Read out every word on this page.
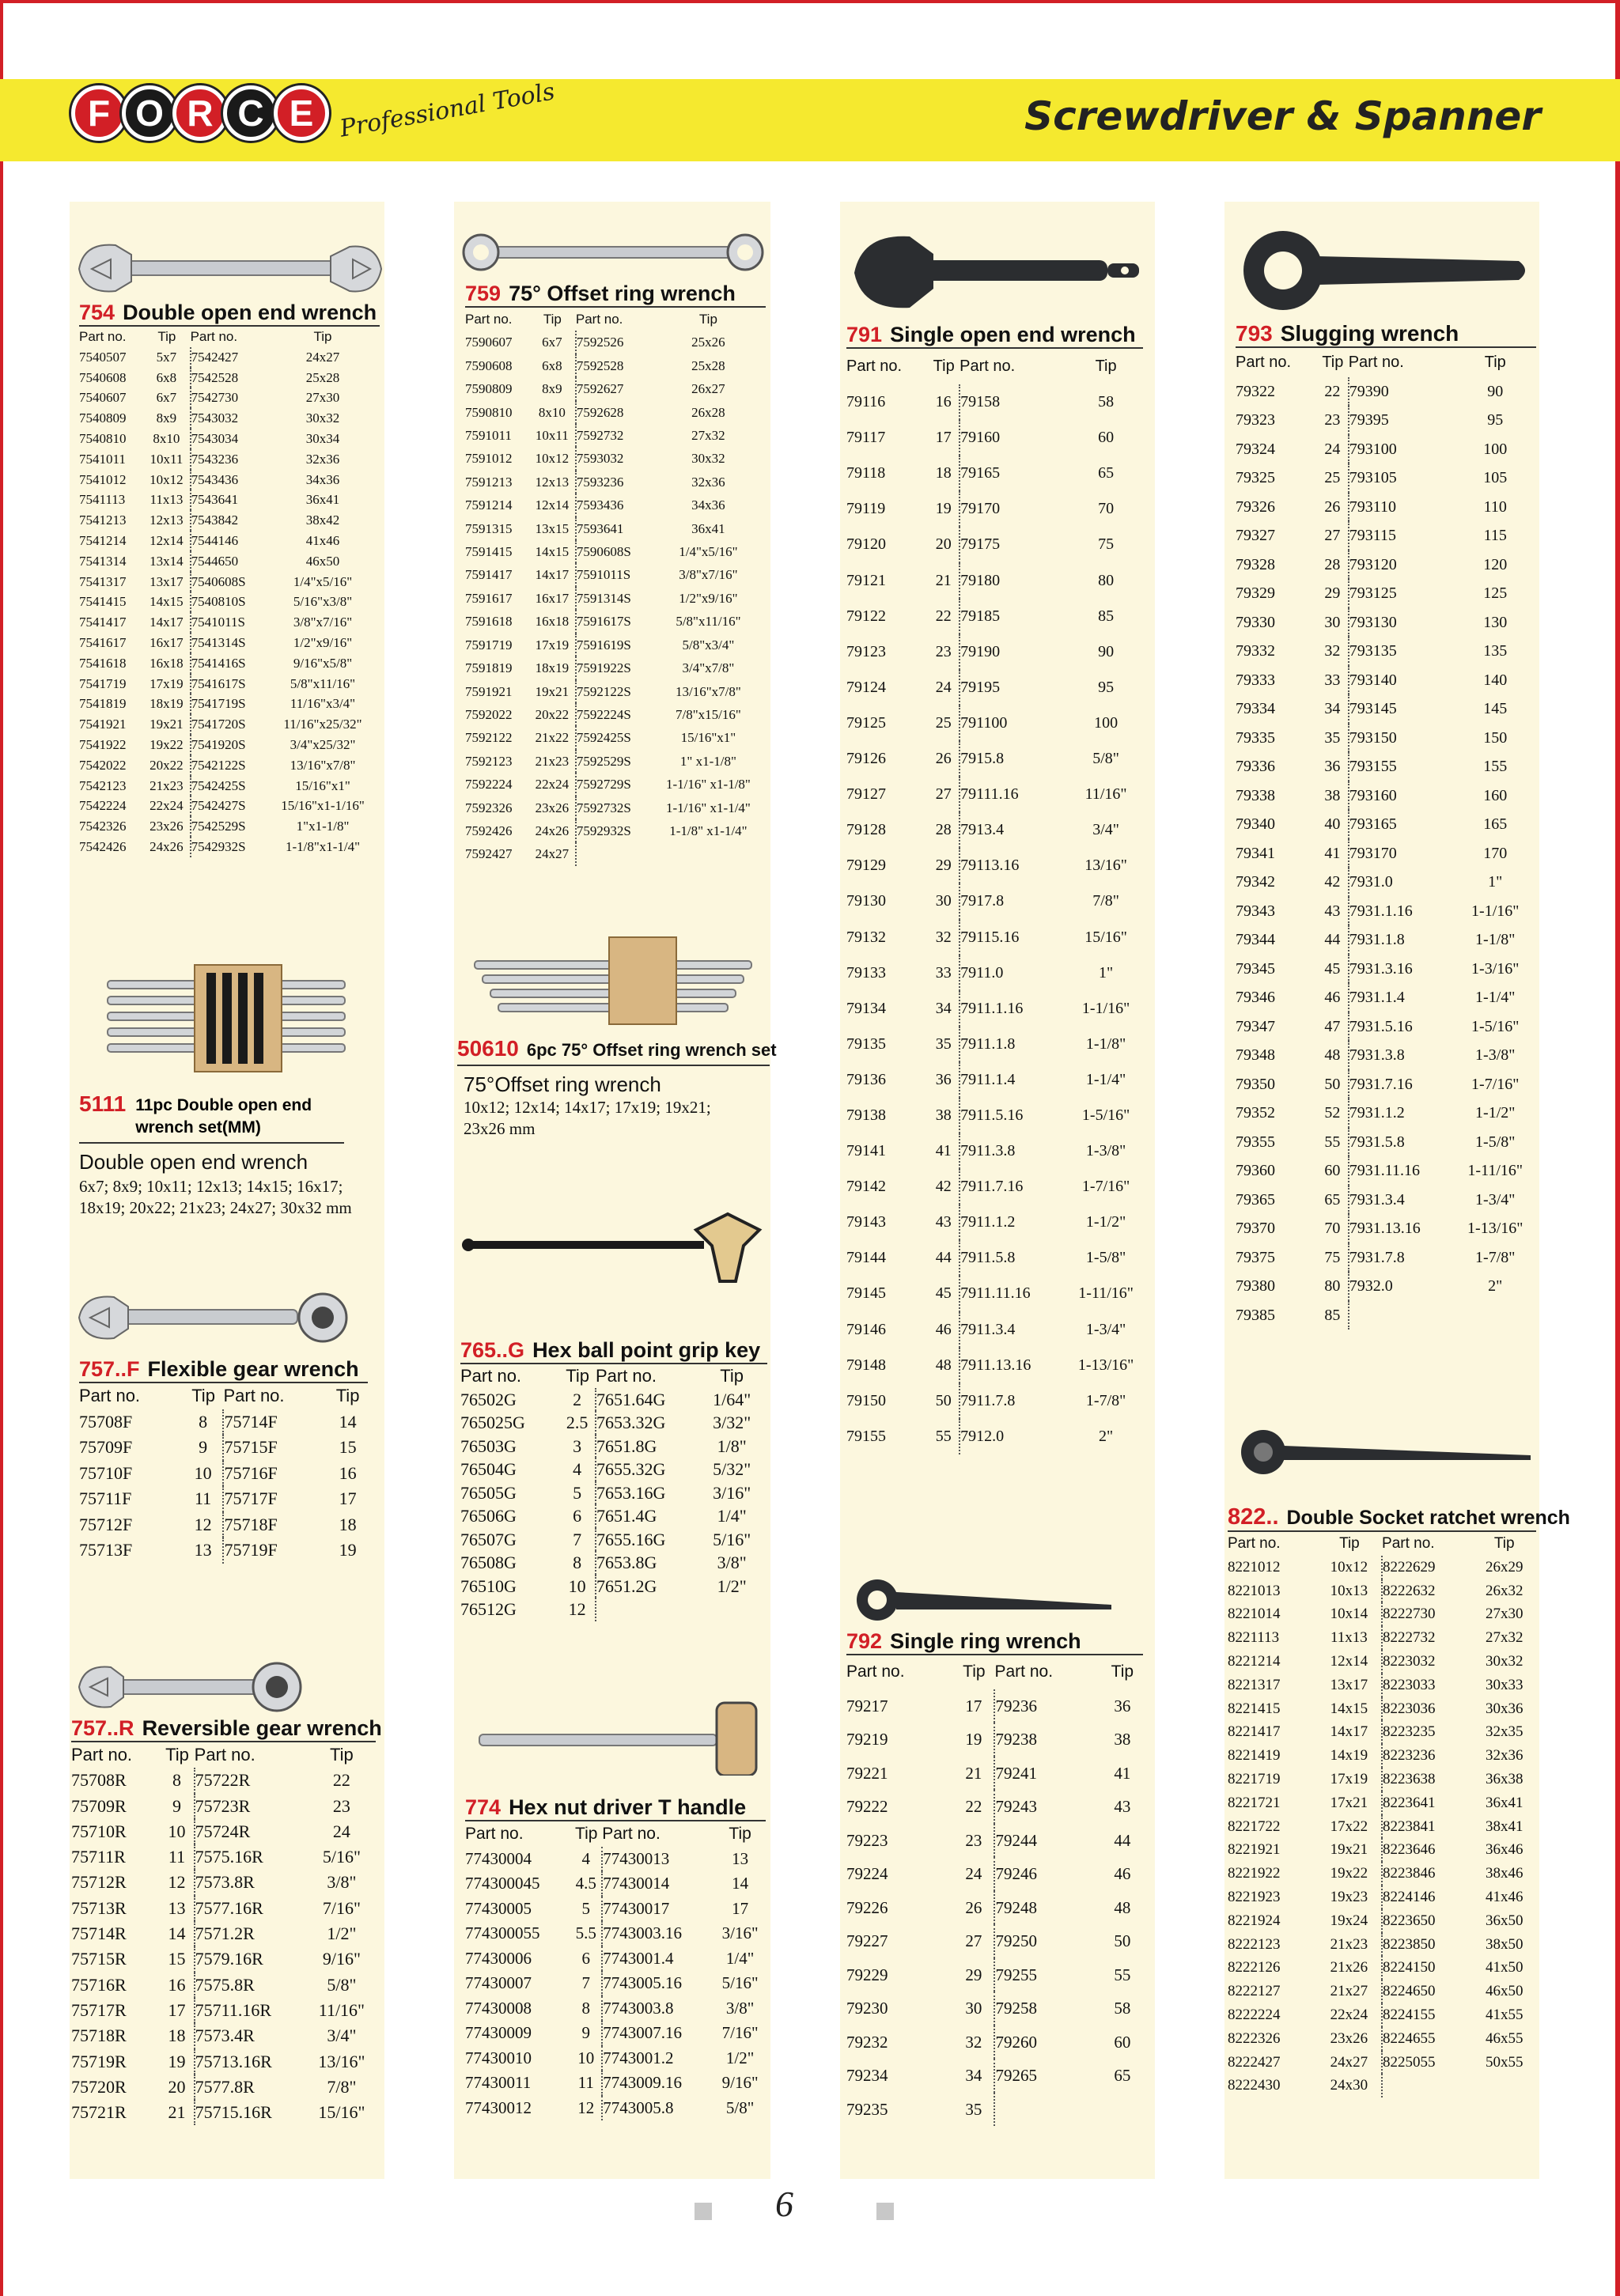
F O R C E	Professional Tools	Screwdriver & Spanner
754 Double open end wrench
Part no.	Tip	Part no.	Tip
7540507	5x7	7542427	24x27
7540608	6x8	7542528	25x28
7540607	6x7	7542730	27x30
7540809	8x9	7543032	30x32
7540810	8x10	7543034	30x34
7541011	10x11	7543236	32x36
7541012	10x12	7543436	34x36
7541113	11x13	7543641	36x41
7541213	12x13	7543842	38x42
7541214	12x14	7544146	41x46
7541314	13x14	7544650	46x50
7541317	13x17	7540608S	1/4"x5/16"
7541415	14x15	7540810S	5/16"x3/8"
7541417	14x17	7541011S	3/8"x7/16"
7541617	16x17	7541314S	1/2"x9/16"
7541618	16x18	7541416S	9/16"x5/8"
7541719	17x19	7541617S	5/8"x11/16"
7541819	18x19	7541719S	11/16"x3/4"
7541921	19x21	7541720S	11/16"x25/32"
7541922	19x22	7541920S	3/4"x25/32"
7542022	20x22	7542122S	13/16"x7/8"
7542123	21x23	7542425S	15/16"x1"
7542224	22x24	7542427S	15/16"x1-1/16"
7542326	23x26	7542529S	1"x1-1/8"
7542426	24x26	7542932S	1-1/8"x1-1/4"
5111 11pc Double open end
wrench set(MM)
Double open end wrench
6x7; 8x9; 10x11; 12x13; 14x15; 16x17; 18x19; 20x22; 21x23; 24x27; 30x32 mm
757..F Flexible gear wrench
Part no.	Tip	Part no.	Tip
75708F	8	75714F	14
75709F	9	75715F	15
75710F	10	75716F	16
75711F	11	75717F	17
75712F	12	75718F	18
75713F	13	75719F	19
757..R Reversible gear wrench
Part no.	Tip	Part no.	Tip
75708R	8	75722R	22
75709R	9	75723R	23
75710R	10	75724R	24
75711R	11	7575.16R	5/16"
75712R	12	7573.8R	3/8"
75713R	13	7577.16R	7/16"
75714R	14	7571.2R	1/2"
75715R	15	7579.16R	9/16"
75716R	16	7575.8R	5/8"
75717R	17	75711.16R	11/16"
75718R	18	7573.4R	3/4"
75719R	19	75713.16R	13/16"
75720R	20	7577.8R	7/8"
75721R	21	75715.16R	15/16"
759 75° Offset ring wrench
Part no.	Tip	Part no.	Tip
7590607	6x7	7592526	25x26
7590608	6x8	7592528	25x28
7590809	8x9	7592627	26x27
7590810	8x10	7592628	26x28
7591011	10x11	7592732	27x32
7591012	10x12	7593032	30x32
7591213	12x13	7593236	32x36
7591214	12x14	7593436	34x36
7591315	13x15	7593641	36x41
7591415	14x15	7590608S	1/4"x5/16"
7591417	14x17	7591011S	3/8"x7/16"
7591617	16x17	7591314S	1/2"x9/16"
7591618	16x18	7591617S	5/8"x11/16"
7591719	17x19	7591619S	5/8"x3/4"
7591819	18x19	7591922S	3/4"x7/8"
7591921	19x21	7592122S	13/16"x7/8"
7592022	20x22	7592224S	7/8"x15/16"
7592122	21x22	7592425S	15/16"x1"
7592123	21x23	7592529S	1" x1-1/8"
7592224	22x24	7592729S	1-1/16" x1-1/8"
7592326	23x26	7592732S	1-1/16" x1-1/4"
7592426	24x26	7592932S	1-1/8" x1-1/4"
7592427	24x27		
50610 6pc 75° Offset ring wrench set
75°Offset ring wrench
10x12; 12x14; 14x17; 17x19; 19x21; 23x26 mm
765..G Hex ball point grip key
Part no.	Tip	Part no.	Tip
76502G	2	7651.64G	1/64"
765025G	2.5	7653.32G	3/32"
76503G	3	7651.8G	1/8"
76504G	4	7655.32G	5/32"
76505G	5	7653.16G	3/16"
76506G	6	7651.4G	1/4"
76507G	7	7655.16G	5/16"
76508G	8	7653.8G	3/8"
76510G	10	7651.2G	1/2"
76512G	12		
774 Hex nut driver T handle
Part no.	Tip	Part no.	Tip
77430004	4	77430013	13
774300045	4.5	77430014	14
77430005	5	77430017	17
774300055	5.5	7743003.16	3/16"
77430006	6	7743001.4	1/4"
77430007	7	7743005.16	5/16"
77430008	8	7743003.8	3/8"
77430009	9	7743007.16	7/16"
77430010	10	7743001.2	1/2"
77430011	11	7743009.16	9/16"
77430012	12	7743005.8	5/8"
791 Single open end wrench
Part no.	Tip	Part no.	Tip
79116	16	79158	58
79117	17	79160	60
79118	18	79165	65
79119	19	79170	70
79120	20	79175	75
79121	21	79180	80
79122	22	79185	85
79123	23	79190	90
79124	24	79195	95
79125	25	791100	100
79126	26	7915.8	5/8"
79127	27	79111.16	11/16"
79128	28	7913.4	3/4"
79129	29	79113.16	13/16"
79130	30	7917.8	7/8"
79132	32	79115.16	15/16"
79133	33	7911.0	1"
79134	34	7911.1.16	1-1/16"
79135	35	7911.1.8	1-1/8"
79136	36	7911.1.4	1-1/4"
79138	38	7911.5.16	1-5/16"
79141	41	7911.3.8	1-3/8"
79142	42	7911.7.16	1-7/16"
79143	43	7911.1.2	1-1/2"
79144	44	7911.5.8	1-5/8"
79145	45	7911.11.16	1-11/16"
79146	46	7911.3.4	1-3/4"
79148	48	7911.13.16	1-13/16"
79150	50	7911.7.8	1-7/8"
79155	55	7912.0	2"
792 Single ring wrench
Part no.	Tip	Part no.	Tip
79217	17	79236	36
79219	19	79238	38
79221	21	79241	41
79222	22	79243	43
79223	23	79244	44
79224	24	79246	46
79226	26	79248	48
79227	27	79250	50
79229	29	79255	55
79230	30	79258	58
79232	32	79260	60
79234	34	79265	65
79235	35		
793 Slugging wrench
Part no.	Tip	Part no.	Tip
79322	22	79390	90
79323	23	79395	95
79324	24	793100	100
79325	25	793105	105
79326	26	793110	110
79327	27	793115	115
79328	28	793120	120
79329	29	793125	125
79330	30	793130	130
79332	32	793135	135
79333	33	793140	140
79334	34	793145	145
79335	35	793150	150
79336	36	793155	155
79338	38	793160	160
79340	40	793165	165
79341	41	793170	170
79342	42	7931.0	1"
79343	43	7931.1.16	1-1/16"
79344	44	7931.1.8	1-1/8"
79345	45	7931.3.16	1-3/16"
79346	46	7931.1.4	1-1/4"
79347	47	7931.5.16	1-5/16"
79348	48	7931.3.8	1-3/8"
79350	50	7931.7.16	1-7/16"
79352	52	7931.1.2	1-1/2"
79355	55	7931.5.8	1-5/8"
79360	60	7931.11.16	1-11/16"
79365	65	7931.3.4	1-3/4"
79370	70	7931.13.16	1-13/16"
79375	75	7931.7.8	1-7/8"
79380	80	7932.0	2"
79385	85		
822.. Double Socket ratchet wrench
Part no.	Tip	Part no.	Tip
8221012	10x12	8222629	26x29
8221013	10x13	8222632	26x32
8221014	10x14	8222730	27x30
8221113	11x13	8222732	27x32
8221214	12x14	8223032	30x32
8221317	13x17	8223033	30x33
8221415	14x15	8223036	30x36
8221417	14x17	8223235	32x35
8221419	14x19	8223236	32x36
8221719	17x19	8223638	36x38
8221721	17x21	8223641	36x41
8221722	17x22	8223841	38x41
8221921	19x21	8223646	36x46
8221922	19x22	8223846	38x46
8221923	19x23	8224146	41x46
8221924	19x24	8223650	36x50
8222123	21x23	8223850	38x50
8222126	21x26	8224150	41x50
8222127	21x27	8224650	46x50
8222224	22x24	8224155	41x55
8222326	23x26	8224655	46x55
8222427	24x27	8225055	50x55
8222430	24x30		
6
